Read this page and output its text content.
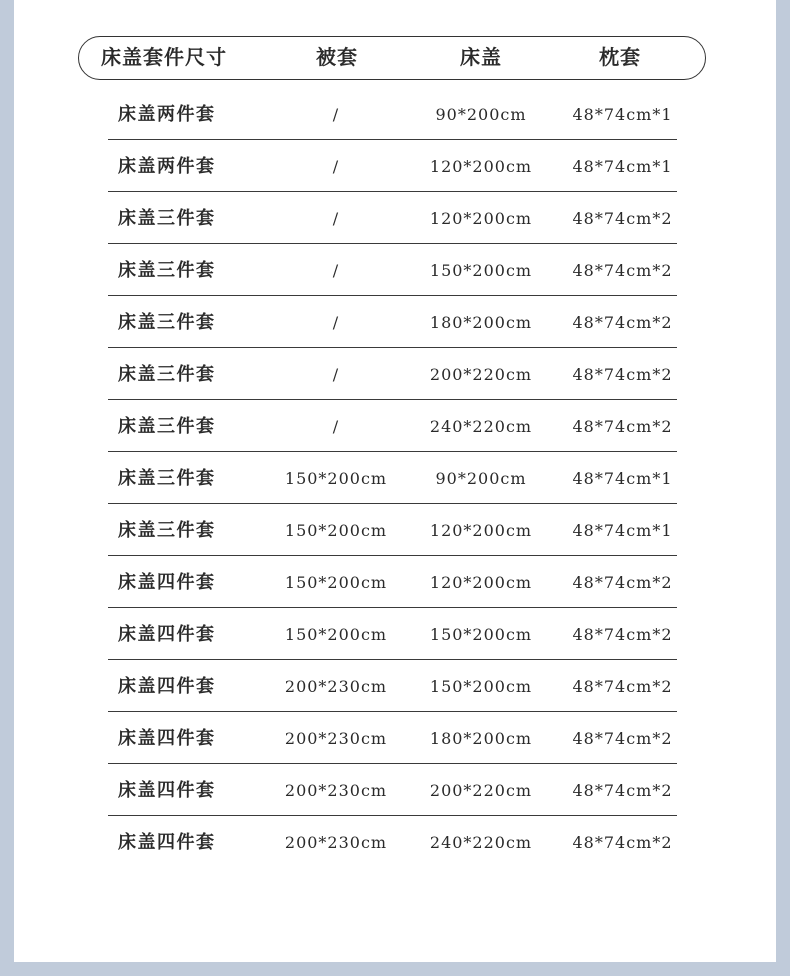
床盖套件尺寸	被套	床盖	枕套
床盖两件套	/	90*200cm	48*74cm*1
床盖两件套	/	120*200cm	48*74cm*1
床盖三件套	/	120*200cm	48*74cm*2
床盖三件套	/	150*200cm	48*74cm*2
床盖三件套	/	180*200cm	48*74cm*2
床盖三件套	/	200*220cm	48*74cm*2
床盖三件套	/	240*220cm	48*74cm*2
床盖三件套	150*200cm	90*200cm	48*74cm*1
床盖三件套	150*200cm	120*200cm	48*74cm*1
床盖四件套	150*200cm	120*200cm	48*74cm*2
床盖四件套	150*200cm	150*200cm	48*74cm*2
床盖四件套	200*230cm	150*200cm	48*74cm*2
床盖四件套	200*230cm	180*200cm	48*74cm*2
床盖四件套	200*230cm	200*220cm	48*74cm*2
床盖四件套	200*230cm	240*220cm	48*74cm*2
